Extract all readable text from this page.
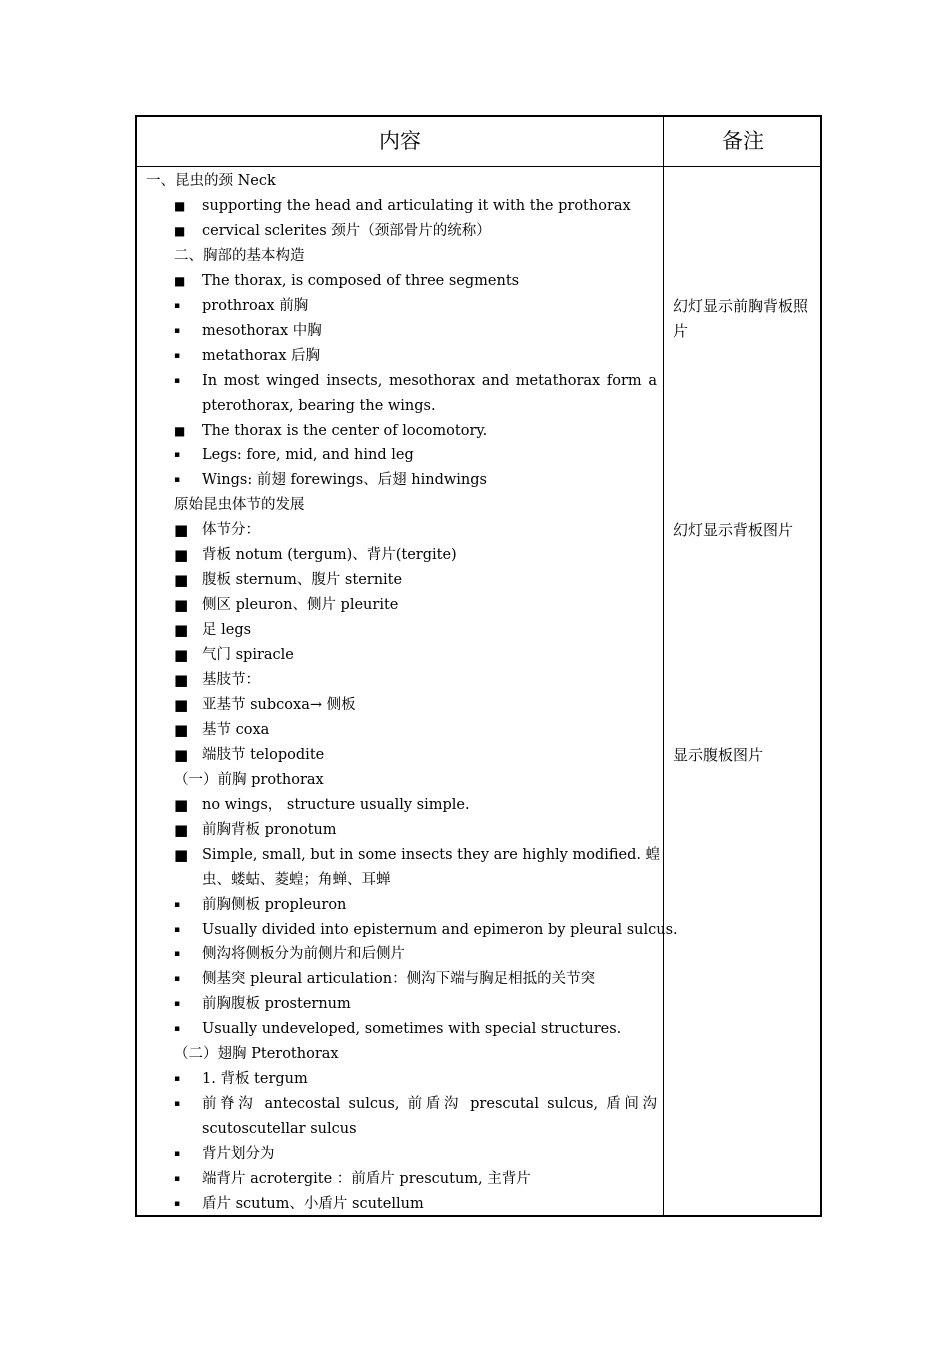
内容	备注
一、昆虫的颈 Neck
■ supporting the head and articulating it with the prothorax
■ cervical sclerites 颈片（颈部骨片的统称）
二、胸部的基本构造
■ The thorax, is composed of three segments
▪ prothroax 前胸
▪ mesothorax 中胸
▪ metathorax 后胸
▪ In most winged insects, mesothorax and metathorax form a
pterothorax, bearing the wings.
■ The thorax is the center of locomotory.
▪ Legs: fore, mid, and hind leg
▪ Wings: 前翅 forewings、后翅 hindwings
原始昆虫体节的发展
■ 体节分：
■ 背板 notum (tergum)、背片(tergite)
■ 腹板 sternum、腹片 sternite
■ 侧区 pleuron、侧片 pleurite
■ 足 legs
■ 气门 spiracle
■ 基肢节：
■ 亚基节 subcoxa→ 侧板
■ 基节 coxa
■ 端肢节 telopodite
（一）前胸 prothorax
■ no wings， structure usually simple.
■ 前胸背板 pronotum
■ Simple, small, but in some insects they are highly modified. 蝗
虫、蝼蛄、菱蝗；角蝉、耳蝉
▪ 前胸侧板 propleuron
▪ Usually divided into episternum and epimeron by pleural sulcus.
▪ 侧沟将侧板分为前侧片和后侧片
▪ 侧基突 pleural articulation：侧沟下端与胸足相抵的关节突
▪ 前胸腹板 prosternum
▪ Usually undeveloped, sometimes with special structures.
（二）翅胸 Pterothorax
▪ 1. 背板 tergum
▪ 前脊沟 antecostal sulcus, 前盾沟 prescutal sulcus, 盾间沟
scutoscutellar sulcus
▪ 背片划分为
▪ 端背片 acrotergite ：前盾片 prescutum, 主背片
▪ 盾片 scutum、小盾片 scutellum
幻灯显示前胸背板照片
幻灯显示背板图片
显示腹板图片
